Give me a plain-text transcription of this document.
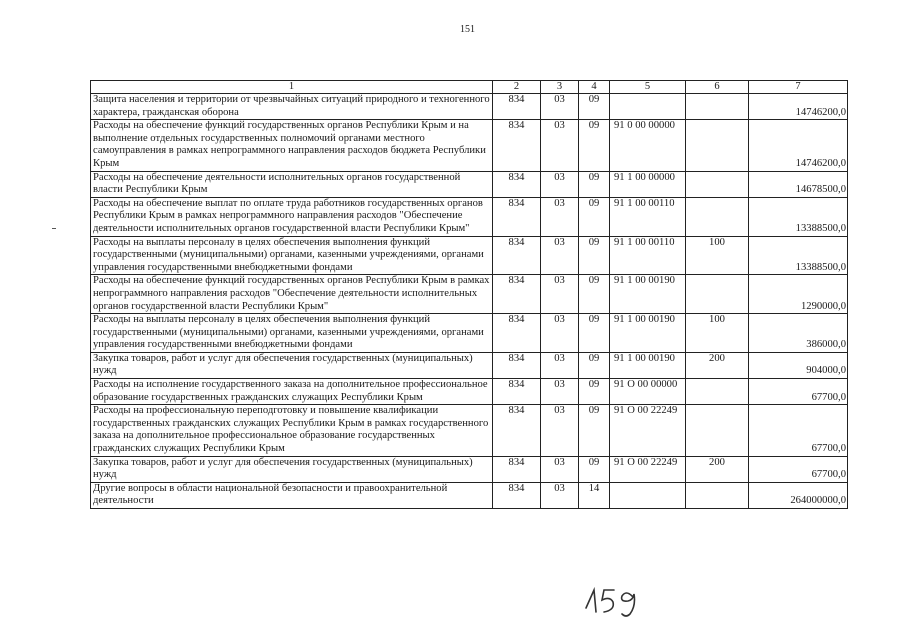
151
1	2	3	4	5	6	7
Защита населения и территории от чрезвычайных ситуаций природного и техногенного характера, гражданская оборона	834	03	09			14746200,0
Расходы на обеспечение функций государственных органов Республики Крым и на выполнение отдельных государственных полномочий органами местного самоуправления в рамках непрограммного направления расходов бюджета Республики Крым	834	03	09	91 0 00 00000		14746200,0
Расходы на обеспечение деятельности исполнительных органов государственной власти Республики Крым	834	03	09	91 1 00 00000		14678500,0
Расходы на обеспечение выплат по оплате труда работников государственных органов Республики Крым в рамках непрограммного направления расходов "Обеспечение деятельности исполнительных органов государственной власти Республики Крым"	834	03	09	91 1 00 00110		13388500,0
Расходы на выплаты персоналу в целях обеспечения выполнения функций государственными (муниципальными) органами, казенными учреждениями, органами управления государственными внебюджетными фондами	834	03	09	91 1 00 00110	100	13388500,0
Расходы на обеспечение функций государственных органов Республики Крым в рамках непрограммного направления расходов "Обеспечение деятельности исполнительных органов государственной власти Республики Крым"	834	03	09	91 1 00 00190		1290000,0
Расходы на выплаты персоналу в целях обеспечения выполнения функций государственными (муниципальными) органами, казенными учреждениями, органами управления государственными внебюджетными фондами	834	03	09	91 1 00 00190	100	386000,0
Закупка товаров, работ и услуг для обеспечения государственных (муниципальных) нужд	834	03	09	91 1 00 00190	200	904000,0
Расходы на исполнение государственного заказа на дополнительное профессиональное образование государственных гражданских служащих Республики Крым	834	03	09	91 О 00 00000		67700,0
Расходы на профессиональную переподготовку и повышение квалификации государственных гражданских служащих Республики Крым в рамках государственного заказа на дополнительное профессиональное образование государственных гражданских служащих Республики Крым	834	03	09	91 О 00 22249		67700,0
Закупка товаров, работ и услуг для обеспечения государственных (муниципальных) нужд	834	03	09	91 О 00 22249	200	67700,0
Другие вопросы в области национальной безопасности и правоохранительной деятельности	834	03	14			264000000,0
